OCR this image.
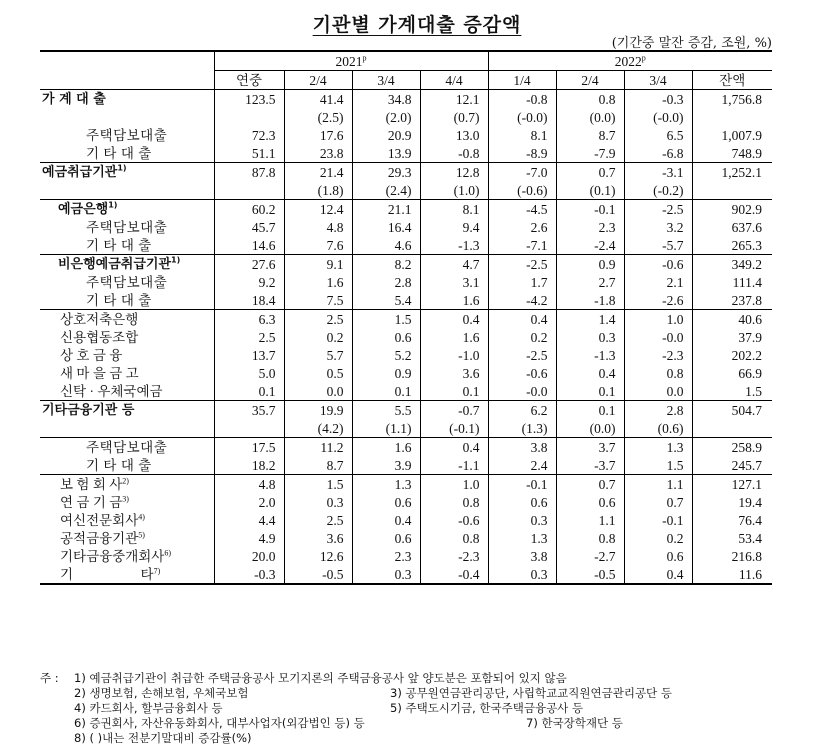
기관별 가계대출 증감액
(기간중 말잔 증감, 조원, %)
	2021$^p$				2022$^p$
	연중	2/4	3/4	4/4	1/4	2/4	3/4	잔액
가 계 대 출	123.5	41.4	34.8	12.1	-0.8	0.8	-0.3	1,756.8
		(2.5)	(2.0)	(0.7)	(-0.0)	(0.0)	(-0.0)	
주택담보대출	72.3	17.6	20.9	13.0	8.1	8.7	6.5	1,007.9
기 타 대 출	51.1	23.8	13.9	-0.8	-8.9	-7.9	-6.8	748.9
예금취급기관$^{1)}$	87.8	21.4	29.3	12.8	-7.0	0.7	-3.1	1,252.1
		(1.8)	(2.4)	(1.0)	(-0.6)	(0.1)	(-0.2)	
예금은행$^{1)}$	60.2	12.4	21.1	8.1	-4.5	-0.1	-2.5	902.9
주택담보대출	45.7	4.8	16.4	9.4	2.6	2.3	3.2	637.6
기 타 대 출	14.6	7.6	4.6	-1.3	-7.1	-2.4	-5.7	265.3
비은행예금취급기관$^{1)}$	27.6	9.1	8.2	4.7	-2.5	0.9	-0.6	349.2
주택담보대출	9.2	1.6	2.8	3.1	1.7	2.7	2.1	111.4
기 타 대 출	18.4	7.5	5.4	1.6	-4.2	-1.8	-2.6	237.8
상호저축은행	6.3	2.5	1.5	0.4	0.4	1.4	1.0	40.6
신용협동조합	2.5	0.2	0.6	1.6	0.2	0.3	-0.0	37.9
상 호 금 융	13.7	5.7	5.2	-1.0	-2.5	-1.3	-2.3	202.2
새 마 을 금 고	5.0	0.5	0.9	3.6	-0.6	0.4	0.8	66.9
신탁 · 우체국예금	0.1	0.0	0.1	0.1	-0.0	0.1	0.0	1.5
기타금융기관 등	35.7	19.9	5.5	-0.7	6.2	0.1	2.8	504.7
		(4.2)	(1.1)	(-0.1)	(1.3)	(0.0)	(0.6)	
주택담보대출	17.5	11.2	1.6	0.4	3.8	3.7	1.3	258.9
기 타 대 출	18.2	8.7	3.9	-1.1	2.4	-3.7	1.5	245.7
보 험 회 사$^{2)}$	4.8	1.5	1.3	1.0	-0.1	0.7	1.1	127.1
연 금 기 금$^{3)}$	2.0	0.3	0.6	0.8	0.6	0.6	0.7	19.4
여신전문회사$^{4)}$	4.4	2.5	0.4	-0.6	0.3	1.1	-0.1	76.4
공적금융기관$^{5)}$	4.9	3.6	0.6	0.8	1.3	0.8	0.2	53.4
기타금융중개회사$^{6)}$	20.0	12.6	2.3	-2.3	3.8	-2.7	0.6	216.8
기                    타$^{7)}$	-0.3	-0.5	0.3	-0.4	0.3	-0.5	0.4	11.6
주 : 1) 예금취급기관이 취급한 주택금융공사 모기지론의 주택금융공사 앞 양도분은 포함되어 있지 않음
2) 생명보험, 손해보험, 우체국보험	3) 공무원연금관리공단, 사립학교교직원연금관리공단 등
4) 카드회사, 할부금융회사 등	5) 주택도시기금, 한국주택금융공사 등
6) 증권회사, 자산유동화회사, 대부사업자(외감법인 등) 등	7) 한국장학재단 등
8) ( )내는 전분기말대비 증감률(%)
